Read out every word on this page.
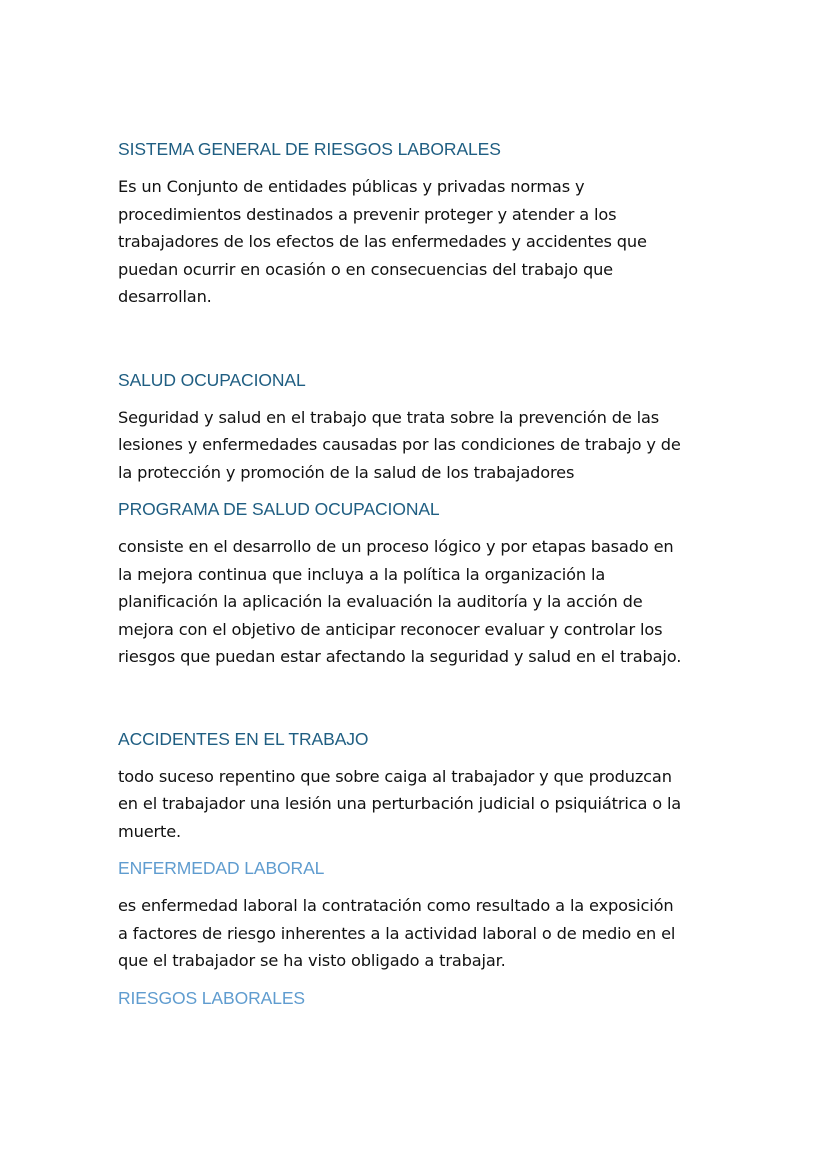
SISTEMA GENERAL DE RIESGOS LABORALES

Es un Conjunto de entidades públicas y privadas normas y
procedimientos destinados a prevenir proteger y atender a los
trabajadores de los efectos de las enfermedades y accidentes que
puedan ocurrir en ocasión o en consecuencias del trabajo que
desarrollan.

SALUD OCUPACIONAL

Seguridad y salud en el trabajo que trata sobre la prevención de las
lesiones y enfermedades causadas por las condiciones de trabajo y de
la protección y promoción de la salud de los trabajadores

PROGRAMA DE SALUD OCUPACIONAL

consiste en el desarrollo de un proceso lógico y por etapas basado en
la mejora continua que incluya a la política la organización la
planificación la aplicación la evaluación la auditoría y la acción de
mejora con el objetivo de anticipar reconocer evaluar y controlar los
riesgos que puedan estar afectando la seguridad y salud en el trabajo.

ACCIDENTES EN EL TRABAJO

todo suceso repentino que sobre caiga al trabajador y que produzcan
en el trabajador una lesión una perturbación judicial o psiquiátrica o la
muerte.

ENFERMEDAD LABORAL

es enfermedad laboral la contratación como resultado a la exposición
a factores de riesgo inherentes a la actividad laboral o de medio en el
que el trabajador se ha visto obligado a trabajar.

RIESGOS LABORALES
